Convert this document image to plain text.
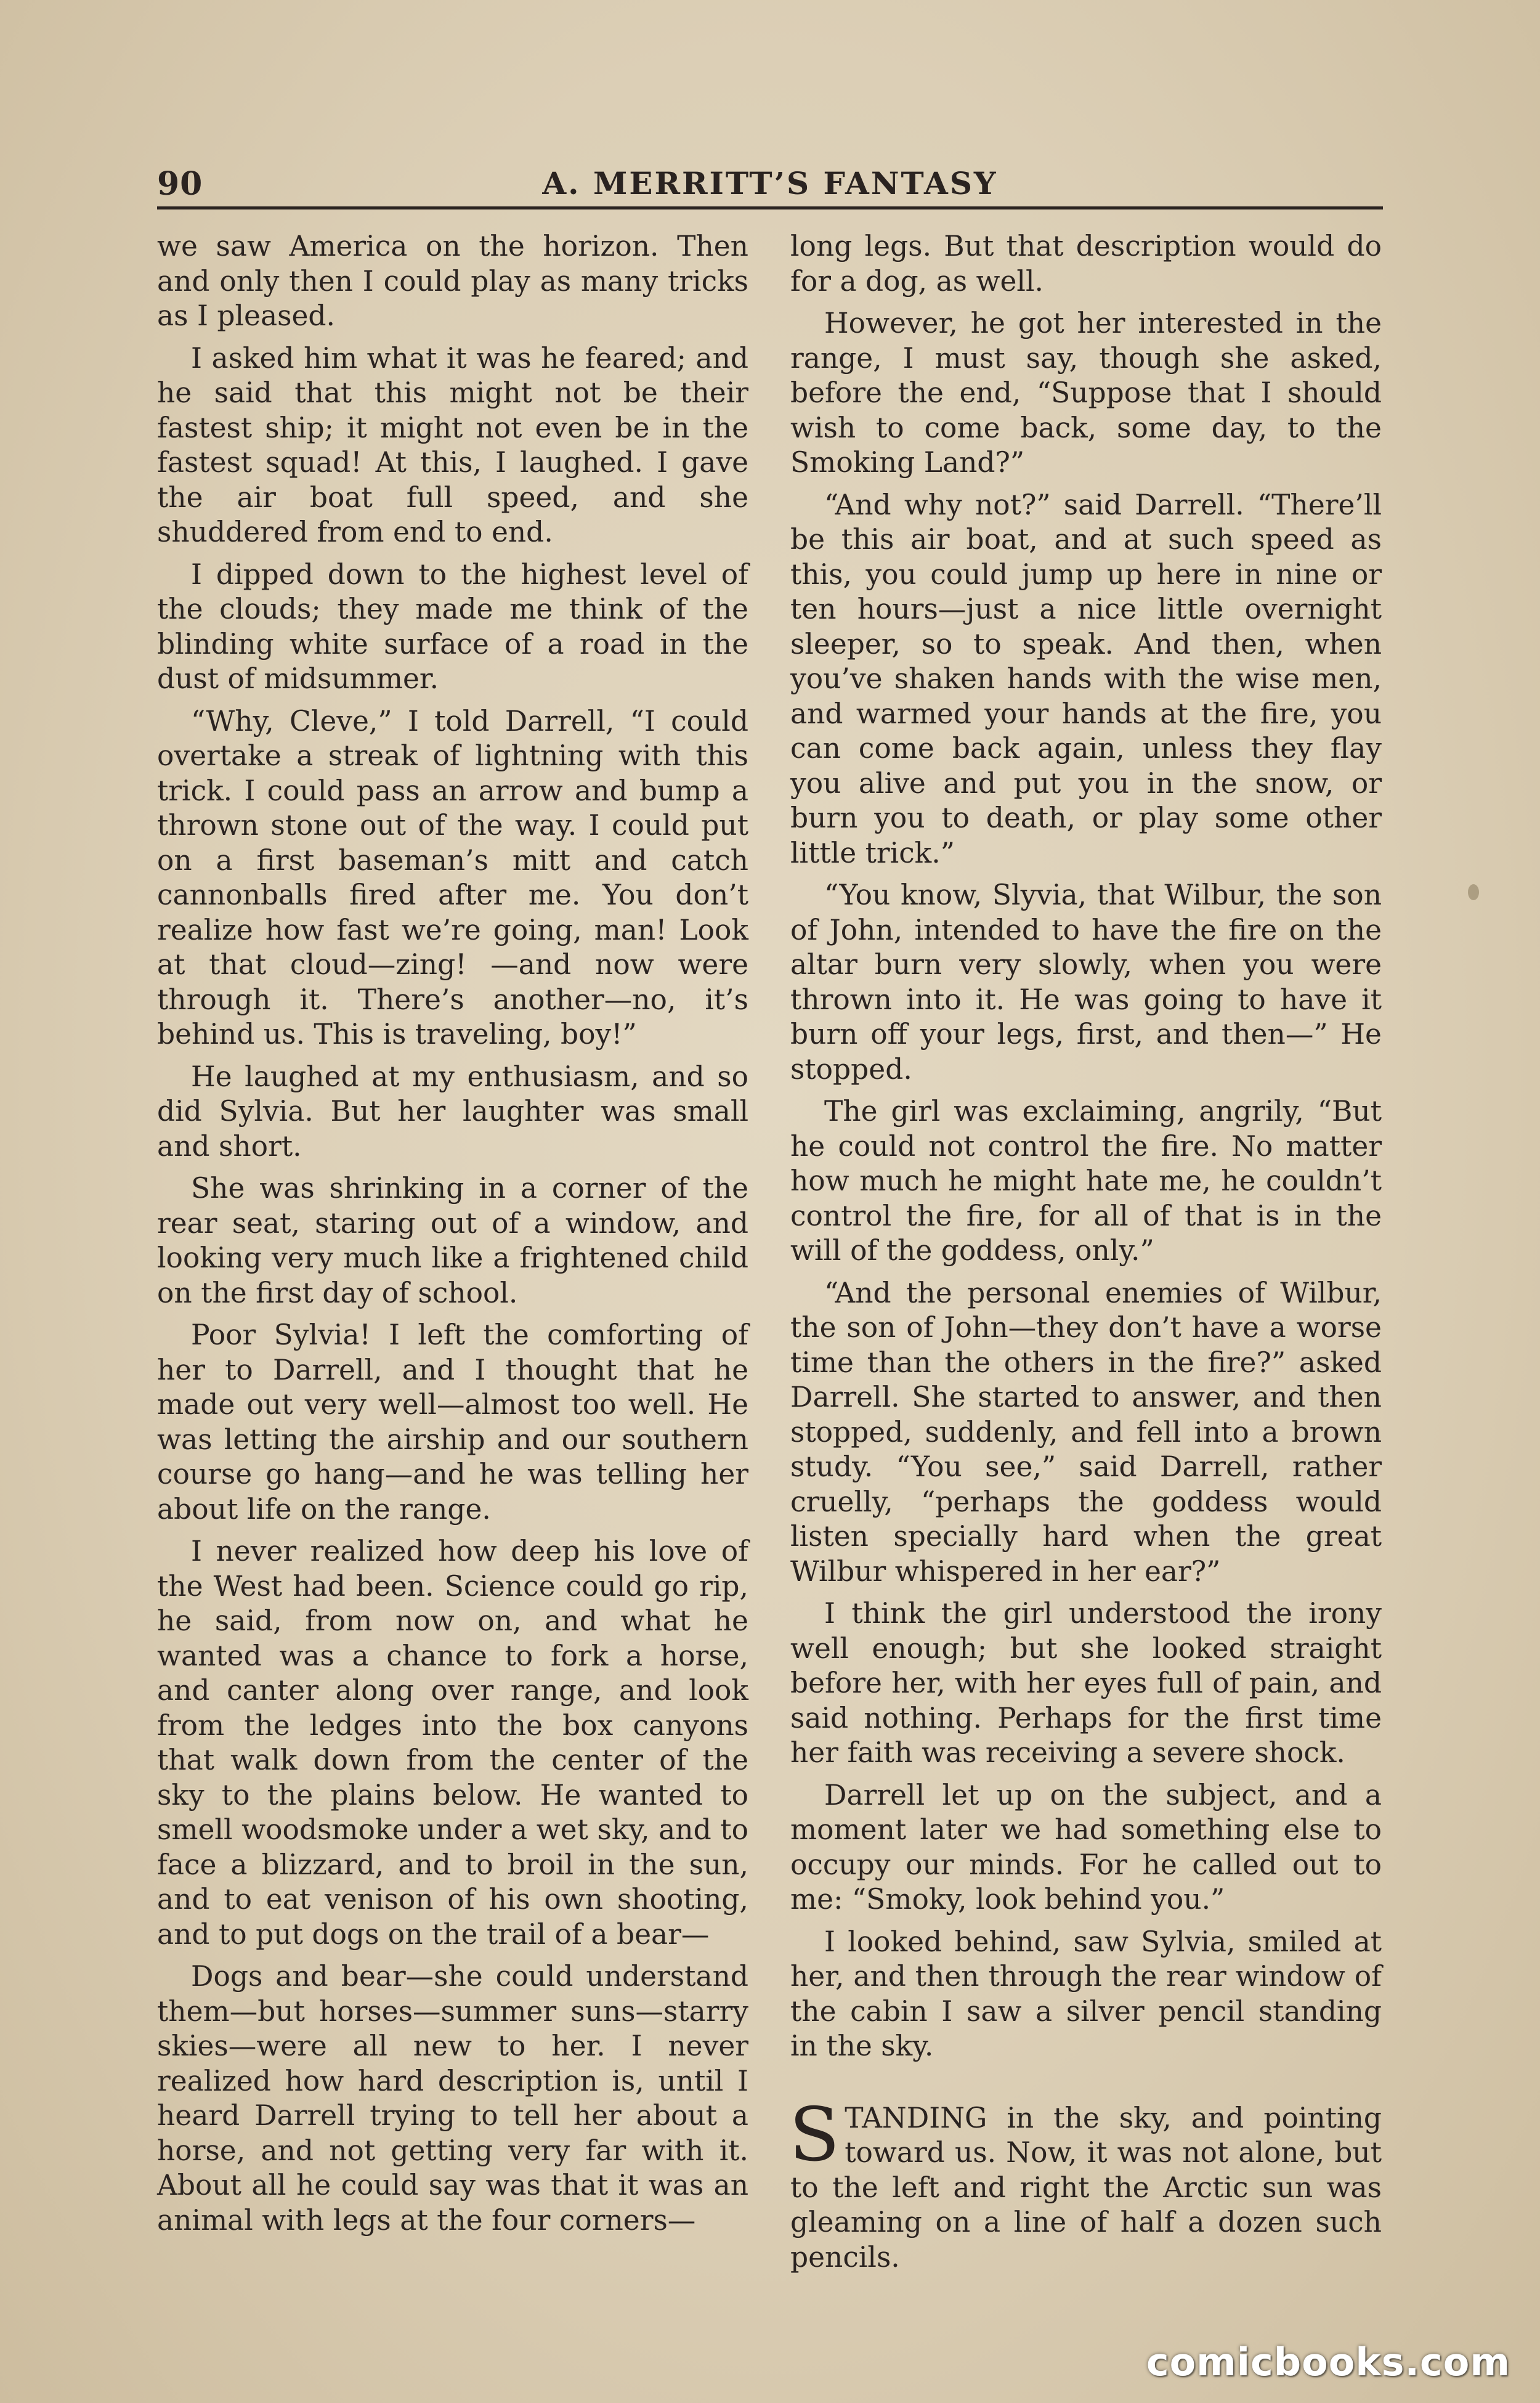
90	A. MERRITT’S FANTASY

we saw America on the horizon. Then and only then I could play as many tricks as I pleased.

I asked him what it was he feared; and he said that this might not be their fastest ship; it might not even be in the fastest squad! At this, I laughed. I gave the air boat full speed, and she shuddered from end to end.

I dipped down to the highest level of the clouds; they made me think of the blinding white surface of a road in the dust of midsummer.

“Why, Cleve,” I told Darrell, “I could overtake a streak of lightning with this trick. I could pass an arrow and bump a thrown stone out of the way. I could put on a first baseman’s mitt and catch cannonballs fired after me. You don’t realize how fast we’re going, man! Look at that cloud—zing! —and now were through it. There’s another—no, it’s behind us. This is traveling, boy!”

He laughed at my enthusiasm, and so did Sylvia. But her laughter was small and short.

She was shrinking in a corner of the rear seat, staring out of a window, and looking very much like a frightened child on the first day of school.

Poor Sylvia! I left the comforting of her to Darrell, and I thought that he made out very well—almost too well. He was letting the airship and our southern course go hang—and he was telling her about life on the range.

I never realized how deep his love of the West had been. Science could go rip, he said, from now on, and what he wanted was a chance to fork a horse, and canter along over range, and look from the ledges into the box canyons that walk down from the center of the sky to the plains below. He wanted to smell woodsmoke under a wet sky, and to face a blizzard, and to broil in the sun, and to eat venison of his own shooting, and to put dogs on the trail of a bear—

Dogs and bear—she could understand them—but horses—summer suns—starry skies—were all new to her. I never realized how hard description is, until I heard Darrell trying to tell her about a horse, and not getting very far with it. About all he could say was that it was an animal with legs at the four corners—

long legs. But that description would do for a dog, as well.

However, he got her interested in the range, I must say, though she asked, before the end, “Suppose that I should wish to come back, some day, to the Smoking Land?”

“And why not?” said Darrell. “There’ll be this air boat, and at such speed as this, you could jump up here in nine or ten hours—just a nice little overnight sleeper, so to speak. And then, when you’ve shaken hands with the wise men, and warmed your hands at the fire, you can come back again, unless they flay you alive and put you in the snow, or burn you to death, or play some other little trick.”

“You know, Slyvia, that Wilbur, the son of John, intended to have the fire on the altar burn very slowly, when you were thrown into it. He was going to have it burn off your legs, first, and then—” He stopped.

The girl was exclaiming, angrily, “But he could not control the fire. No matter how much he might hate me, he couldn’t control the fire, for all of that is in the will of the goddess, only.”

“And the personal enemies of Wilbur, the son of John—they don’t have a worse time than the others in the fire?” asked Darrell. She started to answer, and then stopped, suddenly, and fell into a brown study. “You see,” said Darrell, rather cruelly, “perhaps the goddess would listen specially hard when the great Wilbur whispered in her ear?”

I think the girl understood the irony well enough; but she looked straight before her, with her eyes full of pain, and said nothing. Perhaps for the first time her faith was receiving a severe shock.

Darrell let up on the subject, and a moment later we had something else to occupy our minds. For he called out to me: “Smoky, look behind you.”

I looked behind, saw Sylvia, smiled at her, and then through the rear window of the cabin I saw a silver pencil standing in the sky.

STANDING in the sky, and pointing toward us. Now, it was not alone, but to the left and right the Arctic sun was gleaming on a line of half a dozen such pencils.

comicbooks.com
